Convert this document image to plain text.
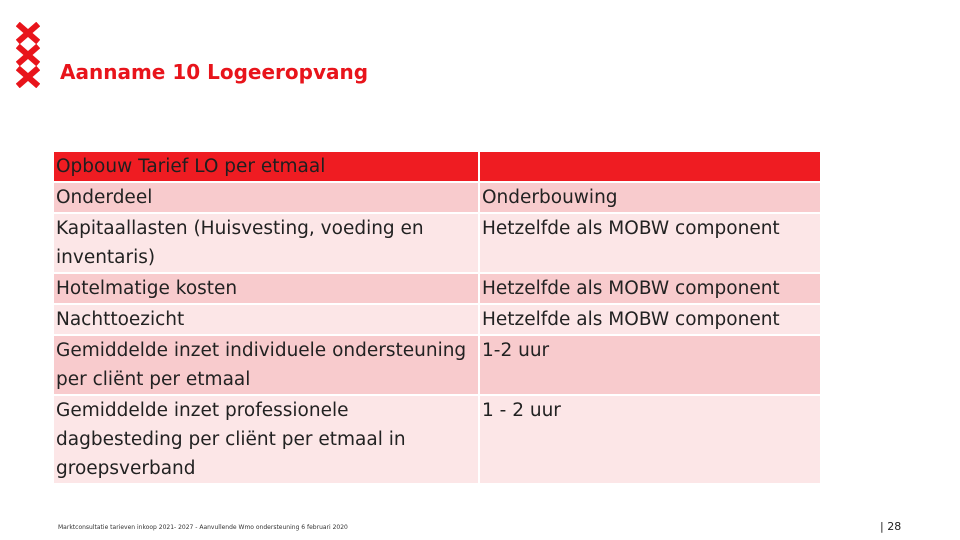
Aanname 10 Logeeropvang
Opbouw Tarief LO per etmaal	
Onderdeel	Onderbouwing
Kapitaallasten (Huisvesting, voeding en inventaris)	Hetzelfde als MOBW component
Hotelmatige kosten	Hetzelfde als MOBW component
Nachttoezicht	Hetzelfde als MOBW component
Gemiddelde inzet individuele ondersteuning per cliënt per etmaal	1-2 uur
Gemiddelde inzet professionele dagbesteding per cliënt per etmaal in groepsverband	1 - 2 uur
Marktconsultatie tarieven inkoop 2021- 2027 - Aanvullende Wmo ondersteuning 6 februari 2020	| 28
